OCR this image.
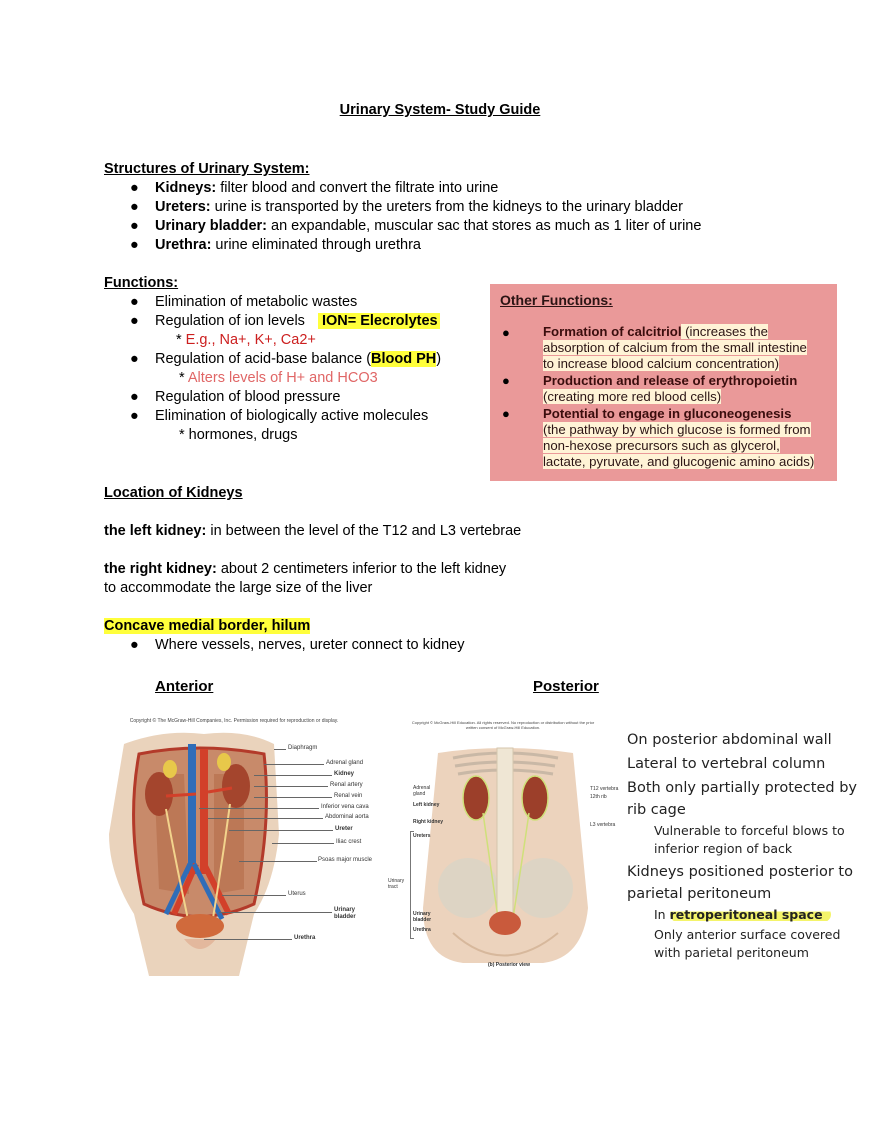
Urinary System- Study Guide
Structures of Urinary System:
● Kidneys: filter blood and convert the filtrate into urine
● Ureters: urine is transported by the ureters from the kidneys to the urinary bladder
● Urinary bladder: an expandable, muscular sac that stores as much as 1 liter of urine
● Urethra: urine eliminated through urethra
Functions:
● Elimination of metabolic wastes
● Regulation of ion levels ION= Elecrolytes
* E.g., Na+, K+, Ca2+
● Regulation of acid-base balance (Blood PH)
* Alters levels of H+ and HCO3
● Regulation of blood pressure
● Elimination of biologically active molecules
* hormones, drugs
Other Functions:
●	Formation of calcitriol (increases the
absorption of calcium from the small intestine
to increase blood calcium concentration)
●	Production and release of erythropoietin
(creating more red blood cells)
●	Potential to engage in gluconeogenesis
(the pathway by which glucose is formed from
non-hexose precursors such as glycerol,
lactate, pyruvate, and glucogenic amino acids)
Location of Kidneys
the left kidney: in between the level of the T12 and L3 vertebrae
the right kidney: about 2 centimeters inferior to the left kidney
to accommodate the large size of the liver
Concave medial border, hilum
● Where vessels, nerves, ureter connect to kidney
Anterior	Posterior
Copyright © The McGraw-Hill Companies, Inc. Permission required for reproduction or display.
Diaphragm
Adrenal gland
Kidney
Renal artery
Renal vein
Inferior vena cava
Abdominal aorta
Ureter
Iliac crest
Psoas major muscle
Uterus
Urinary bladder
Urethra
Copyright © McGraw-Hill Education. All rights reserved. No reproduction or distribution without the prior written consent of McGraw-Hill Education.
Adrenal gland
Left kidney
Right kidney
Ureters
Urinary tract
Urinary bladder
Urethra
T12 vertebra
12th rib
L3 vertebra
(b) Posterior view
On posterior abdominal wall
Lateral to vertebral column
Both only partially protected by
rib cage
Vulnerable to forceful blows to
inferior region of back
Kidneys positioned posterior to
parietal peritoneum
In retroperitoneal space
Only anterior surface covered
with parietal peritoneum
